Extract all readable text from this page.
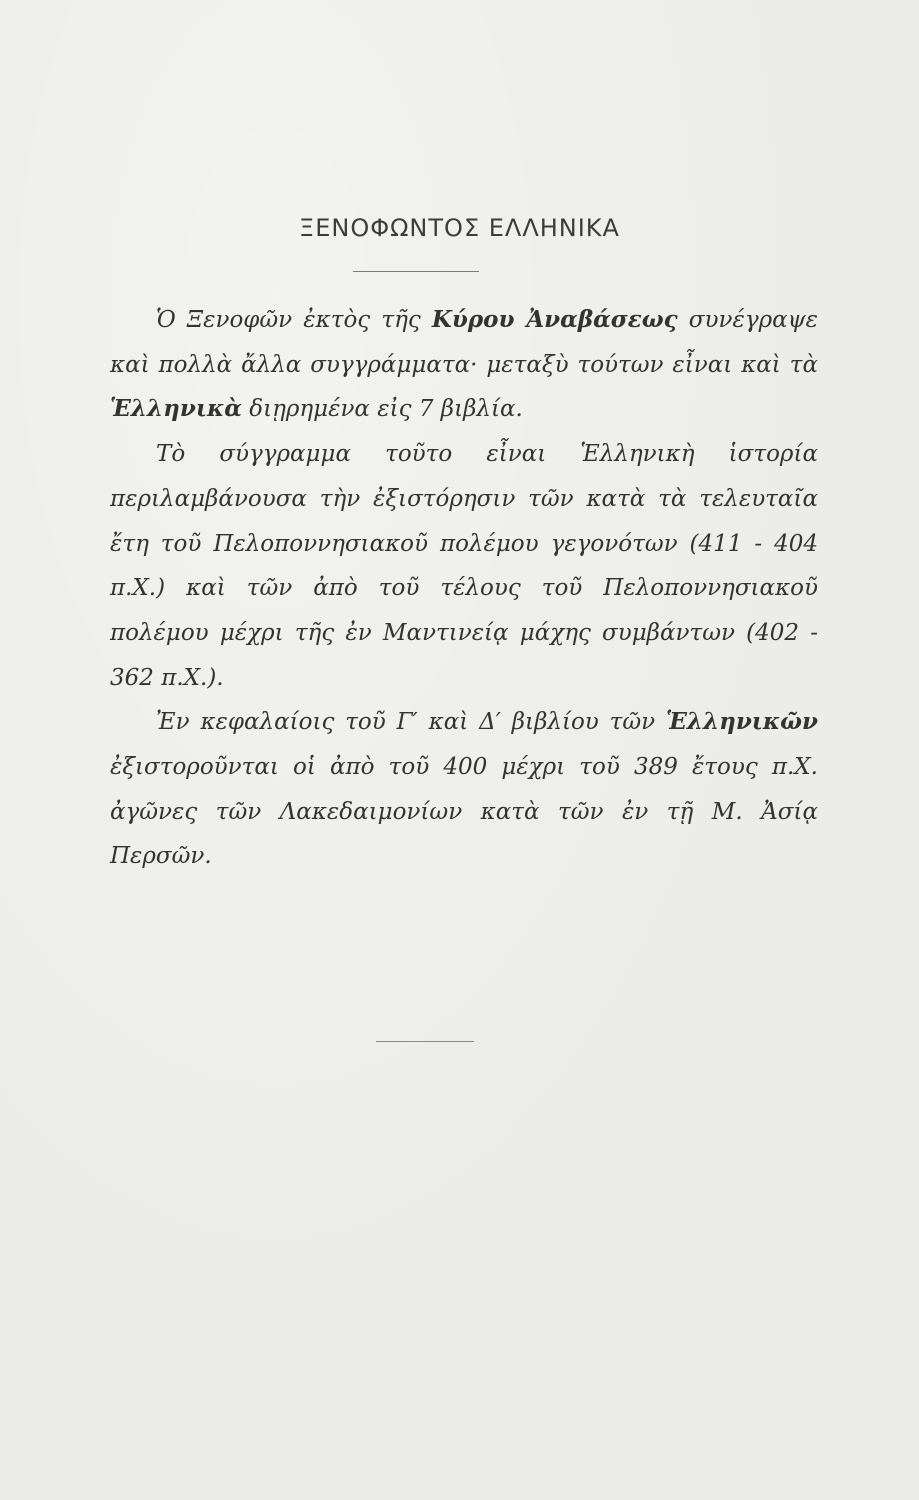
ΞΕΝΟΦΩΝΤΟΣ ΕΛΛΗΝΙΚΑ

Ὁ Ξενοφῶν ἐκτὸς τῆς Κύρου Ἀναβάσεως συνέγραψε καὶ πολλὰ ἄλλα συγγράμματα· μεταξὺ τούτων εἶναι καὶ τὰ Ἑλληνικὰ διῃρημένα εἰς 7 βιβλία.

Τὸ σύγγραμμα τοῦτο εἶναι Ἑλληνικὴ ἱστορία περιλαμβάνουσα τὴν ἐξιστόρησιν τῶν κατὰ τὰ τελευταῖα ἔτη τοῦ Πελοποννησιακοῦ πολέμου γεγονότων (411 - 404 π.Χ.) καὶ τῶν ἀπὸ τοῦ τέλους τοῦ Πελοποννησιακοῦ πολέμου μέχρι τῆς ἐν Μαντινείᾳ μάχης συμβάντων (402 - 362 π.Χ.).

Ἐν κεφαλαίοις τοῦ Γ′ καὶ Δ′ βιβλίου τῶν Ἑλληνικῶν ἐξιστοροῦνται οἱ ἀπὸ τοῦ 400 μέχρι τοῦ 389 ἔτους π.Χ. ἀγῶνες τῶν Λακεδαιμονίων κατὰ τῶν ἐν τῇ Μ. Ἀσίᾳ Περσῶν.
